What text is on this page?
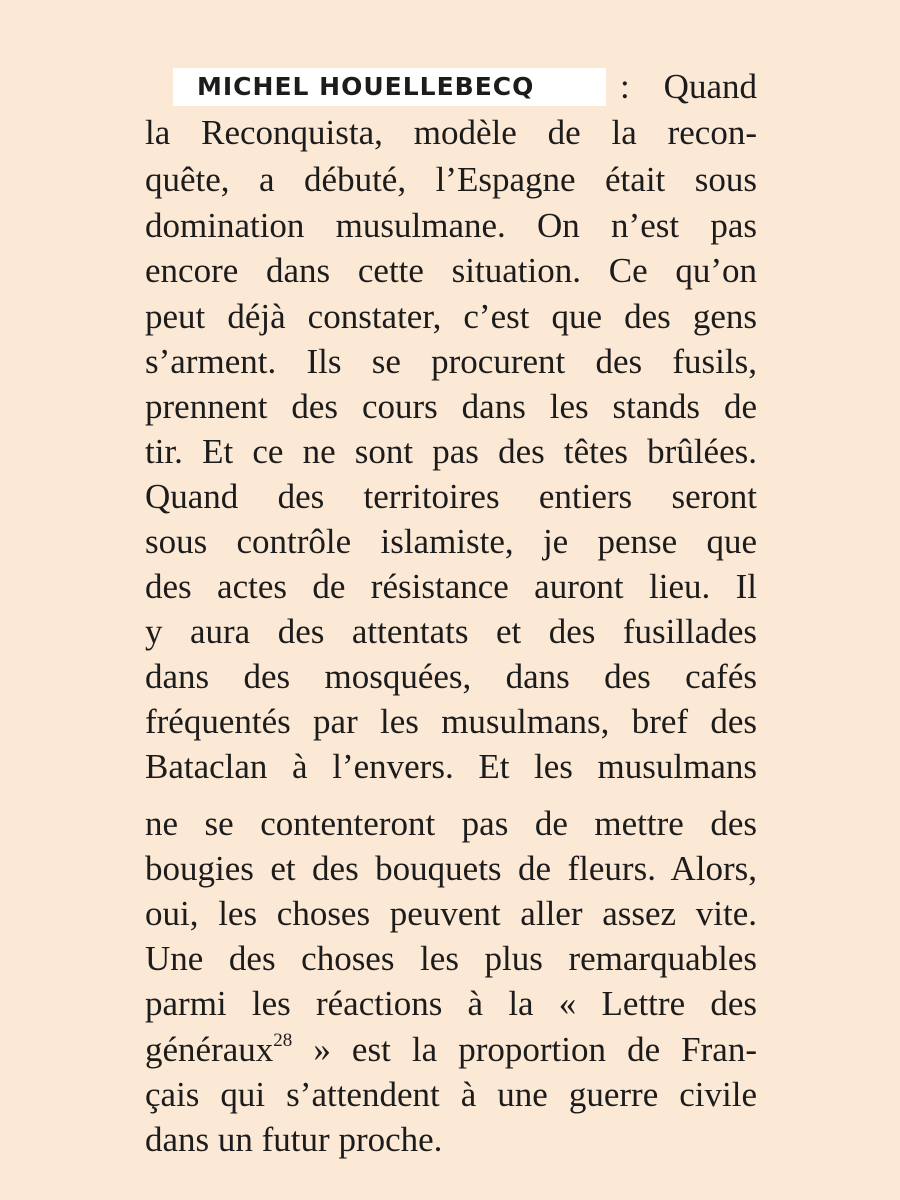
MICHEL HOUELLEBECQ	: Quand
la Reconquista, modèle de la recon-
quête, a débuté, l’Espagne était sous
domination musulmane. On n’est pas
encore dans cette situation. Ce qu’on
peut déjà constater, c’est que des gens
s’arment. Ils se procurent des fusils,
prennent des cours dans les stands de
tir. Et ce ne sont pas des têtes brûlées.
Quand des territoires entiers seront
sous contrôle islamiste, je pense que
des actes de résistance auront lieu. Il
y aura des attentats et des fusillades
dans des mosquées, dans des cafés
fréquentés par les musulmans, bref des
Bataclan à l’envers. Et les musulmans
ne se contenteront pas de mettre des
bougies et des bouquets de fleurs. Alors,
oui, les choses peuvent aller assez vite.
Une des choses les plus remarquables
parmi les réactions à la « Lettre des
généraux$^{28}$ » est la proportion de Fran-
çais qui s’attendent à une guerre civile
dans un futur proche.
